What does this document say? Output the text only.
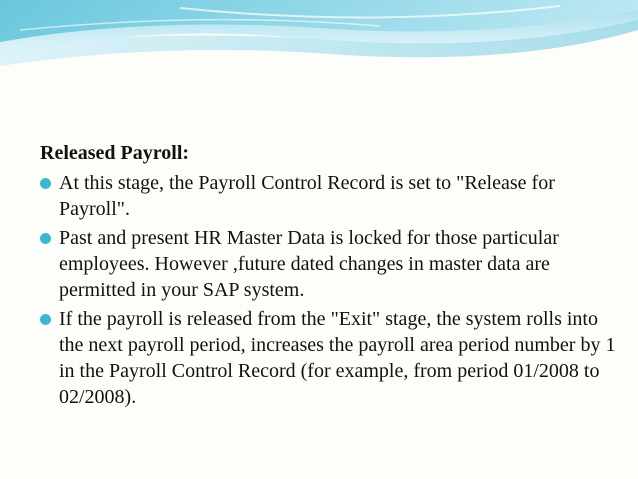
Released Payroll:
At this stage, the Payroll Control Record is set to "Release for Payroll".
Past and present HR Master Data is locked for those particular employees. However ,future dated changes in master data are permitted in your SAP system.
If the payroll is released from the "Exit" stage, the system rolls into the next payroll period, increases the payroll area period number by 1 in the Payroll Control Record (for example, from period 01/2008 to 02/2008).
